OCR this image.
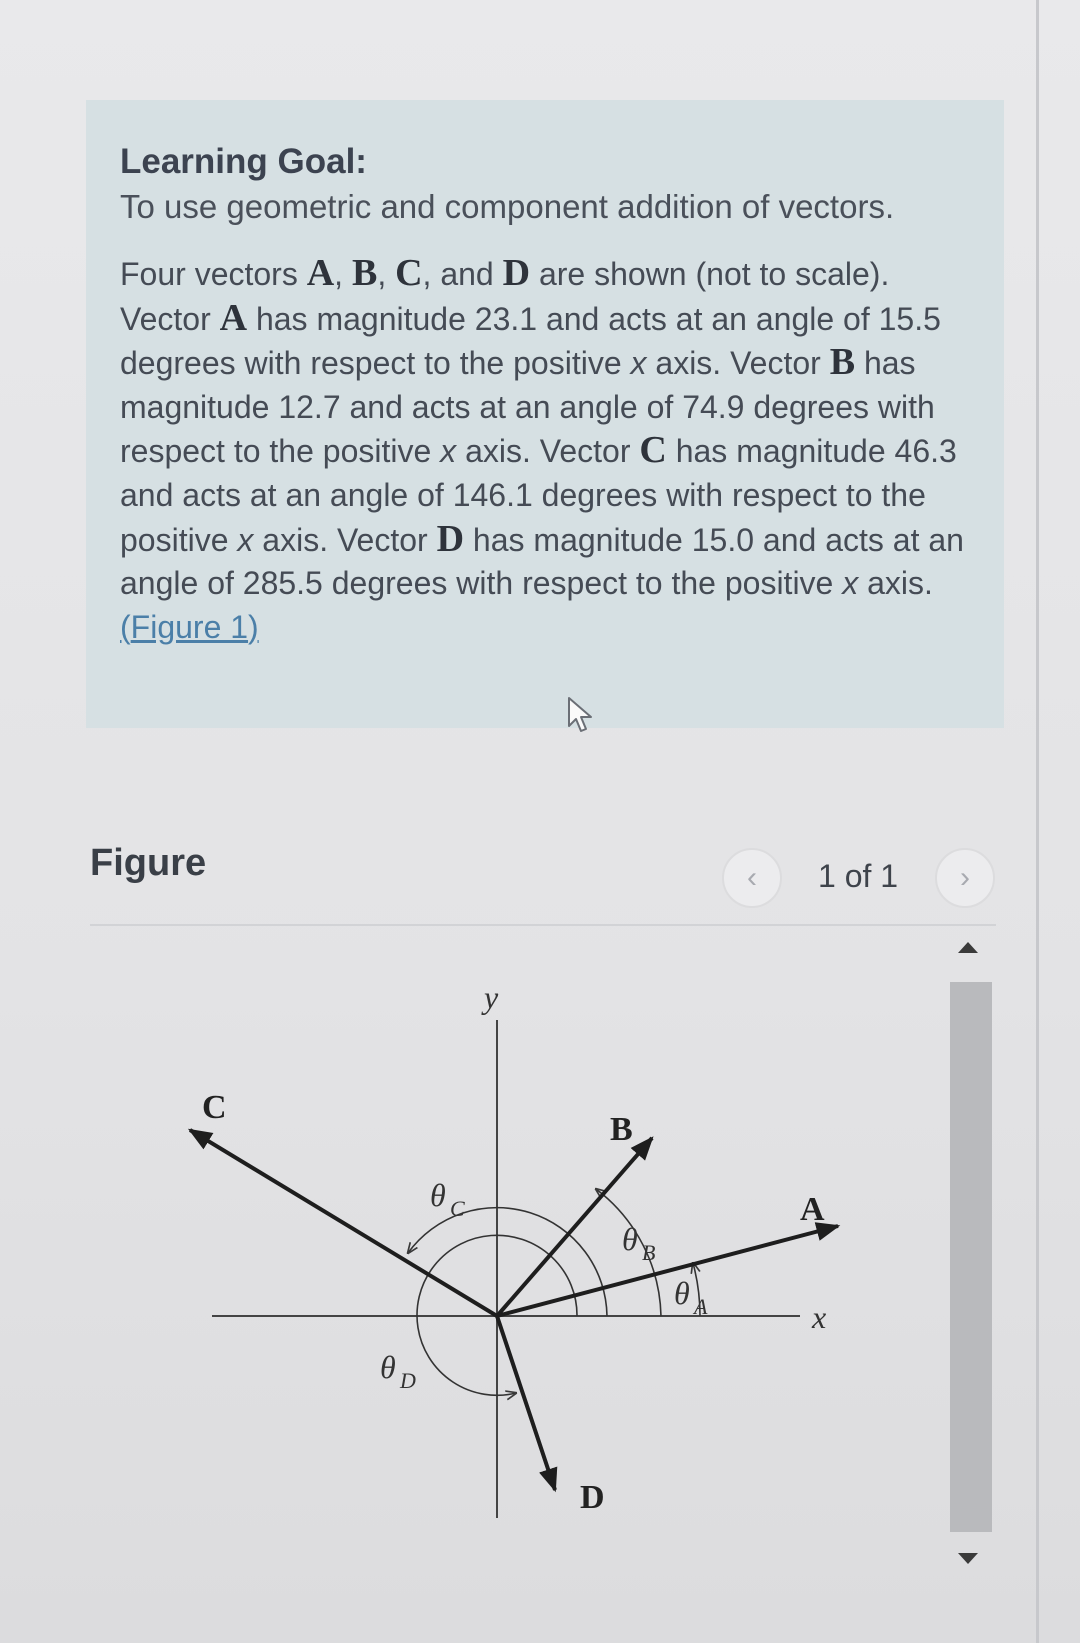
Learning Goal:
To use geometric and component addition of vectors.
Four vectors A, B, C, and D are shown (not to scale). Vector A has magnitude 23.1 and acts at an angle of 15.5 degrees with respect to the positive x axis. Vector B has magnitude 12.7 and acts at an angle of 74.9 degrees with respect to the positive x axis. Vector C has magnitude 46.3 and acts at an angle of 146.1 degrees with respect to the positive x axis. Vector D has magnitude 15.0 and acts at an angle of 285.5 degrees with respect to the positive x axis.(Figure 1)
Figure	‹ 1 of 1 ›
y
x
A
B
C
D
θ C
θ B
θ A
θ D
